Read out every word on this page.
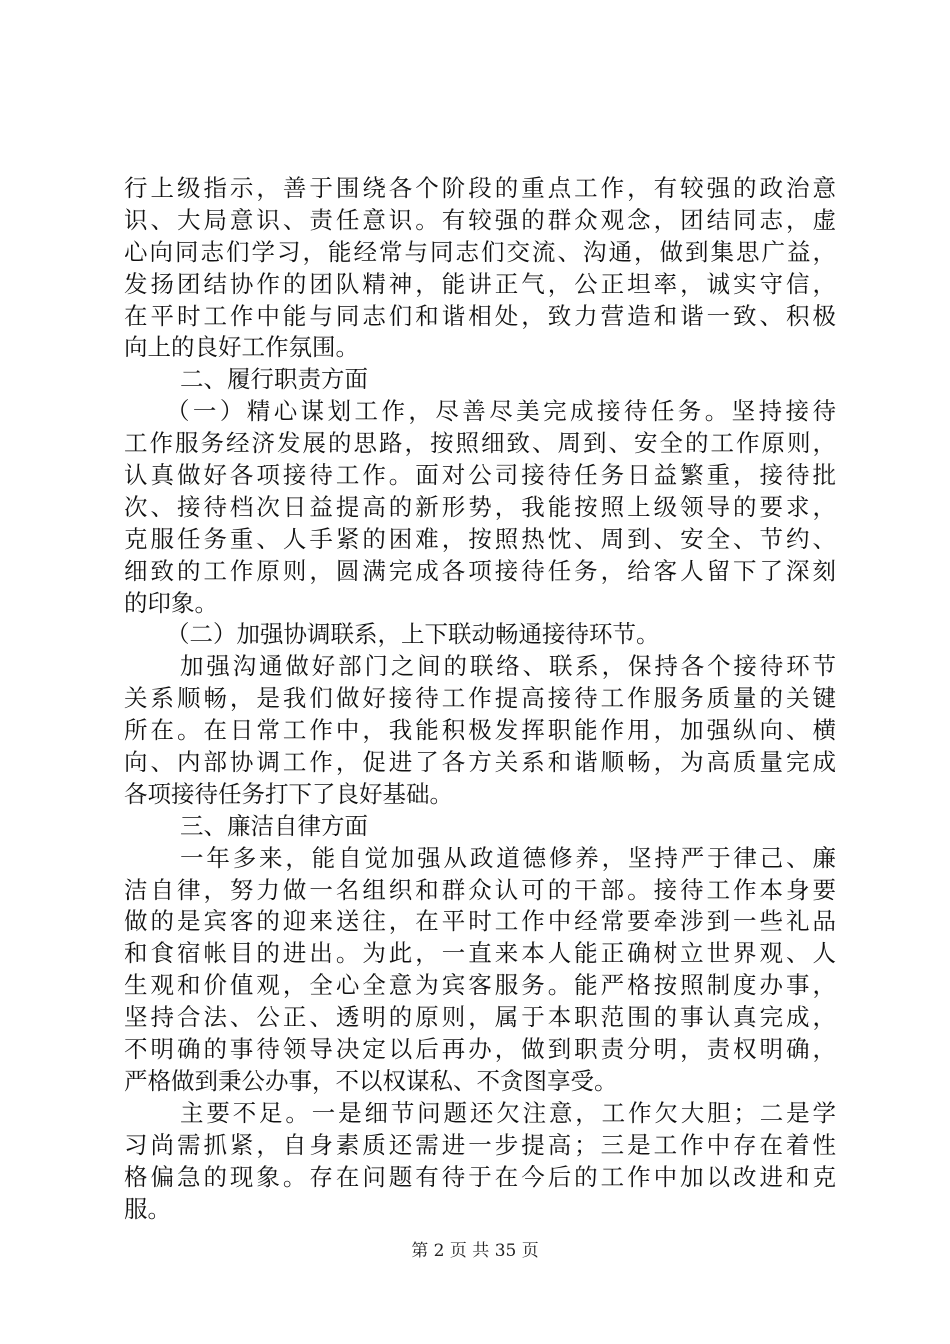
行上级指示，善于围绕各个阶段的重点工作，有较强的政治意
识、大局意识、责任意识。有较强的群众观念，团结同志，虚
心向同志们学习，能经常与同志们交流、沟通，做到集思广益，
发扬团结协作的团队精神，能讲正气，公正坦率，诚实守信，
在平时工作中能与同志们和谐相处，致力营造和谐一致、积极
向上的良好工作氛围。
二、履行职责方面
（一）精心谋划工作，尽善尽美完成接待任务。坚持接待
工作服务经济发展的思路，按照细致、周到、安全的工作原则，
认真做好各项接待工作。面对公司接待任务日益繁重，接待批
次、接待档次日益提高的新形势，我能按照上级领导的要求，
克服任务重、人手紧的困难，按照热忱、周到、安全、节约、
细致的工作原则，圆满完成各项接待任务，给客人留下了深刻
的印象。
（二）加强协调联系，上下联动畅通接待环节。
加强沟通做好部门之间的联络、联系，保持各个接待环节
关系顺畅，是我们做好接待工作提高接待工作服务质量的关键
所在。在日常工作中，我能积极发挥职能作用，加强纵向、横
向、内部协调工作，促进了各方关系和谐顺畅，为高质量完成
各项接待任务打下了良好基础。
三、廉洁自律方面
一年多来，能自觉加强从政道德修养，坚持严于律己、廉
洁自律，努力做一名组织和群众认可的干部。接待工作本身要
做的是宾客的迎来送往，在平时工作中经常要牵涉到一些礼品
和食宿帐目的进出。为此，一直来本人能正确树立世界观、人
生观和价值观，全心全意为宾客服务。能严格按照制度办事，
坚持合法、公正、透明的原则，属于本职范围的事认真完成，
不明确的事待领导决定以后再办，做到职责分明，责权明确，
严格做到秉公办事，不以权谋私、不贪图享受。
主要不足。一是细节问题还欠注意，工作欠大胆；二是学
习尚需抓紧，自身素质还需进一步提高；三是工作中存在着性
格偏急的现象。存在问题有待于在今后的工作中加以改进和克
服。
第 2 页 共 35 页
